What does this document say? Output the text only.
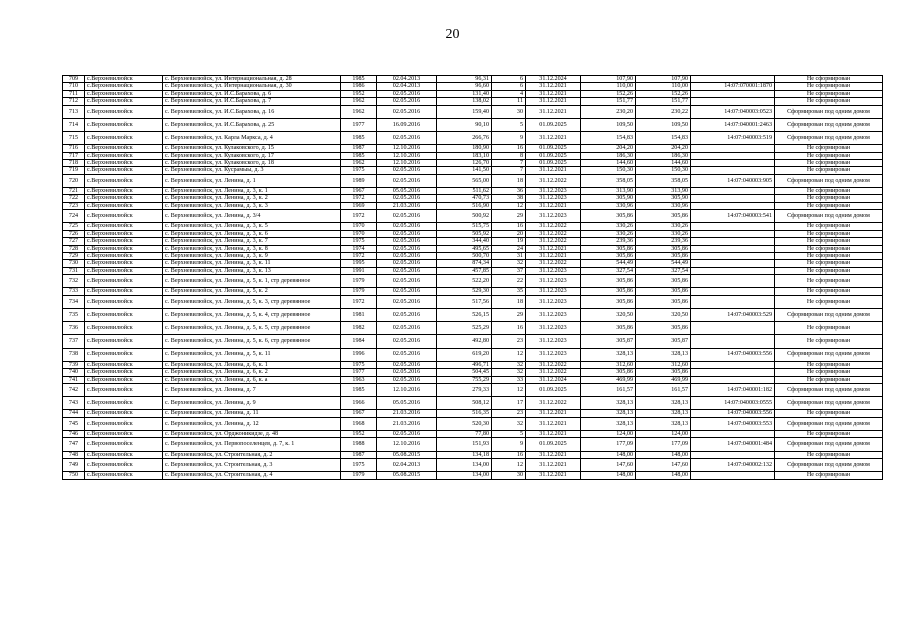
20
709	с.Верхневилюйск	с. Верхневилюйск, ул. Интернациональная, д. 28	1985	02.04.2013	96,31	6	31.12.2024	107,90	107,90		Не сформирован
710	с.Верхневилюйск	с. Верхневилюйск, ул. Интернациональная, д. 30	1986	02.04.2013	96,60	6	31.12.2021	110,00	110,00	14:07:070001:1870	Не сформирован
711	с.Верхневилюйск	с. Верхневилюйск, ул. И.С.Барахова, д. 6	1952	02.05.2016	131,40	4	31.12.2021	152,26	152,26		Не сформирован
712	с.Верхневилюйск	с. Верхневилюйск, ул. И.С.Барахова, д. 7	1962	02.05.2016	138,02	11	31.12.2021	151,77	151,77		Не сформирован
713	с.Верхневилюйск	с. Верхневилюйск, ул. И.С.Барахова, д. 16	1962	02.05.2016	159,40	30	31.12.2021	230,20	230,22	14:07:040003:0523	Сформирован под одним домом
714	с.Верхневилюйск	с. Верхневилюйск, ул. И.С.Барахова, д. 25	1977	16.09.2016	90,10	5	01.09.2025	109,50	109,50	14:07:040001:2463	Сформирован под одним домом
715	с.Верхневилюйск	с. Верхневилюйск, ул. Карла Маркса, д. 4	1985	02.05.2016	266,76	9	31.12.2021	154,83	154,83	14:07:040003:519	Сформирован под одним домом
716	с.Верхневилюйск	с. Верхневилюйск, ул. Кулаковского, д. 15	1987	12.10.2016	180,90	16	01.09.2025	204,20	204,20		Не сформирован
717	с.Верхневилюйск	с. Верхневилюйск, ул. Кулаковского, д. 17	1985	12.10.2016	183,10	8	01.09.2025	186,30	186,30		Не сформирован
718	с.Верхневилюйск	с. Верхневилюйск, ул. Кулаковского, д. 18	1962	12.10.2016	126,70	7	01.09.2025	144,60	144,60		Не сформирован
719	с.Верхневилюйск	с. Верхневилюйск, ул. Кусрамыы, д. 3	1975	02.05.2016	141,50	7	31.12.2021	150,30	150,30		Не сформирован
720	с.Верхневилюйск	с. Верхневилюйск, ул. Ленина, д. 1	1989	02.05.2016	565,00	18	31.12.2022	358,05	358,05	14:07:040003:905	Сформирован под одним домом
721	с.Верхневилюйск	с. Верхневилюйск, ул. Ленина, д. 3, к. 1	1967	05.05.2016	511,62	36	31.12.2023	313,90	313,90		Не сформирован
722	с.Верхневилюйск	с. Верхневилюйск, ул. Ленина, д. 3, к. 2	1972	02.05.2016	470,73	38	31.12.2023	305,90	305,90		Не сформирован
723	с.Верхневилюйск	с. Верхневилюйск, ул. Ленина, д. 3, к. 3	1969	21.03.2016	516,90	12	31.12.2021	330,96	330,96		Не сформирован
724	с.Верхневилюйск	с. Верхневилюйск, ул. Ленина, д. 3/4	1972	02.05.2016	500,92	29	31.12.2023	305,86	305,86	14:07:040003:541	Сформирован под одним домом
725	с.Верхневилюйск	с. Верхневилюйск, ул. Ленина, д. 3, к. 5	1970	02.05.2016	515,75	16	31.12.2022	330,26	330,26		Не сформирован
726	с.Верхневилюйск	с. Верхневилюйск, ул. Ленина, д. 3, к. 6	1970	02.05.2016	505,92	20	31.12.2022	330,26	330,26		Не сформирован
727	с.Верхневилюйск	с. Верхневилюйск, ул. Ленина, д. 3, к. 7	1975	02.05.2016	344,40	19	31.12.2022	239,36	239,36		Не сформирован
728	с.Верхневилюйск	с. Верхневилюйск, ул. Ленина, д. 3, к. 8	1974	02.05.2016	495,65	24	31.12.2021	305,86	305,86		Не сформирован
729	с.Верхневилюйск	с. Верхневилюйск, ул. Ленина, д. 3, к. 9	1972	02.05.2016	500,70	31	31.12.2021	305,86	305,86		Не сформирован
730	с.Верхневилюйск	с. Верхневилюйск, ул. Ленина, д. 3, к. 11	1995	02.05.2016	874,34	32	31.12.2022	544,49	544,49		Не сформирован
731	с.Верхневилюйск	с. Верхневилюйск, ул. Ленина, д. 3, к. 13	1991	02.05.2016	457,85	37	31.12.2023	327,54	327,54		Не сформирован
732	с.Верхневилюйск	с. Верхневилюйск, ул. Ленина, д. 5, к. 1, стр деревянное	1979	02.05.2016	522,20	22	31.12.2023	305,86	305,86		Не сформирован
733	с.Верхневилюйск	с. Верхневилюйск, ул. Ленина, д. 5, к. 2	1979	02.05.2016	529,30	35	31.12.2023	305,86	305,86		Не сформирован
734	с.Верхневилюйск	с. Верхневилюйск, ул. Ленина, д. 5, к. 3, стр деревянное	1972	02.05.2016	517,56	18	31.12.2023	305,86	305,86		Не сформирован
735	с.Верхневилюйск	с. Верхневилюйск, ул. Ленина, д. 5, к. 4, стр деревянное	1981	02.05.2016	526,15	29	31.12.2023	320,50	320,50	14:07:040003:529	Сформирован под одним домом
736	с.Верхневилюйск	с. Верхневилюйск, ул. Ленина, д. 5, к. 5, стр деревянное	1982	02.05.2016	525,29	16	31.12.2023	305,86	305,86		Не сформирован
737	с.Верхневилюйск	с. Верхневилюйск, ул. Ленина, д. 5, к. 6, стр деревянное	1984	02.05.2016	492,80	23	31.12.2023	305,87	305,87		Не сформирован
738	с.Верхневилюйск	с. Верхневилюйск, ул. Ленина, д. 5, к. 11	1996	02.05.2016	619,20	12	31.12.2023	328,13	328,13	14:07:040003:556	Сформирован под одним домом
739	с.Верхневилюйск	с. Верхневилюйск, ул. Ленина, д. 6, к. 1	1975	02.05.2016	496,71	32	31.12.2022	312,60	312,60		Не сформирован
740	с.Верхневилюйск	с. Верхневилюйск, ул. Ленина, д. 6, к. 2	1977	02.05.2016	504,45	32	31.12.2022	305,86	305,86		Не сформирован
741	с.Верхневилюйск	с. Верхневилюйск, ул. Ленина, д. 6, к. а	1963	02.05.2016	755,29	33	31.12.2024	469,99	469,99		Не сформирован
742	с.Верхневилюйск	с. Верхневилюйск, ул. Ленина, д. 7	1985	12.10.2016	279,33	12	01.09.2025	161,57	161,57	14:07:040001:182	Сформирован под одним домом
743	с.Верхневилюйск	с. Верхневилюйск, ул. Ленина, д. 9	1966	05.05.2016	508,12	17	31.12.2022	328,13	328,13	14:07:040003:0555	Сформирован под одним домом
744	с.Верхневилюйск	с. Верхневилюйск, ул. Ленина, д. 11	1967	21.03.2016	516,35	23	31.12.2021	328,13	328,13	14:07:040003:556	Не сформирован
745	с.Верхневилюйск	с. Верхневилюйск, ул. Ленина, д. 12	1968	21.03.2016	520,30	32	31.12.2021	328,13	328,13	14:07:040003:553	Сформирован под одним домом
746	с.Верхневилюйск	с. Верхневилюйск, ул. Орджоникидзе, д. 48	1952	02.05.2016	77,80	5	31.12.2021	124,00	124,00		Не сформирован
747	с.Верхневилюйск	с. Верхневилюйск, ул. Первопоселенцев, д. 7, к. 1	1988	12.10.2016	151,93	9	01.09.2025	177,09	177,09	14:07:040001:484	Сформирован под одним домом
748	с.Верхневилюйск	с. Верхневилюйск, ул. Строительная, д. 2	1987	05.08.2015	134,18	16	31.12.2021	148,00	148,00		Не сформирован
749	с.Верхневилюйск	с. Верхневилюйск, ул. Строительная, д. 3	1975	02.04.2013	134,00	12	31.12.2021	147,60	147,60	14:07:040002:132	Сформирован под одним домом
750	с.Верхневилюйск	с. Верхневилюйск, ул. Строительная, д. 4	1979	05.08.2015	134,00	30	31.12.2021	148,00	148,00		Не сформирован
